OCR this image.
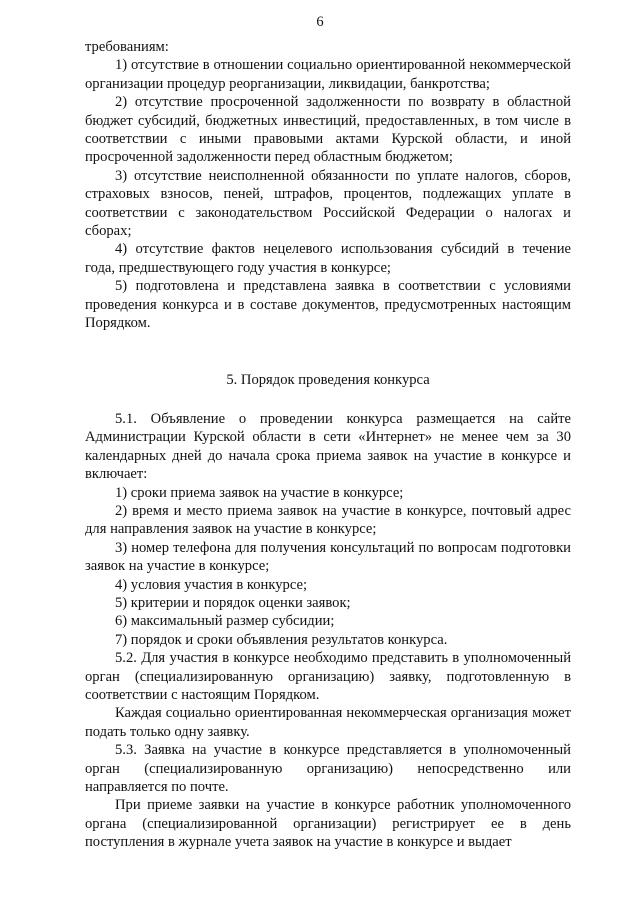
6

требованиям:

1) отсутствие в отношении социально ориентированной некоммерческой организации процедур реорганизации, ликвидации, банкротства;

2) отсутствие просроченной задолженности по возврату в областной бюджет субсидий, бюджетных инвестиций, предоставленных, в том числе в соответствии с иными правовыми актами Курской области, и иной просроченной задолженности перед областным бюджетом;

3) отсутствие неисполненной обязанности по уплате налогов, сборов, страховых взносов, пеней, штрафов, процентов, подлежащих уплате в соответствии с законодательством Российской Федерации о налогах и сборах;

4) отсутствие фактов нецелевого использования субсидий в течение года, предшествующего году участия в конкурсе;

5) подготовлена и представлена заявка в соответствии с условиями проведения конкурса и в составе документов, предусмотренных настоящим Порядком.

5. Порядок проведения конкурса

5.1. Объявление о проведении конкурса размещается на сайте Администрации Курской области в сети «Интернет» не менее чем за 30 календарных дней до начала срока приема заявок на участие в конкурсе и включает:

1) сроки приема заявок на участие в конкурсе;

2) время и место приема заявок на участие в конкурсе, почтовый адрес для направления заявок на участие в конкурсе;

3) номер телефона для получения консультаций по вопросам подготовки заявок на участие в конкурсе;

4) условия участия в конкурсе;

5) критерии и порядок оценки заявок;

6) максимальный размер субсидии;

7) порядок и сроки объявления результатов конкурса.

5.2. Для участия в конкурсе необходимо представить в уполномоченный орган (специализированную организацию) заявку, подготовленную в соответствии с настоящим Порядком.

Каждая социально ориентированная некоммерческая организация может подать только одну заявку.

5.3. Заявка на участие в конкурсе представляется в уполномоченный орган (специализированную организацию) непосредственно или направляется по почте.

При приеме заявки на участие в конкурсе работник уполномоченного органа (специализированной организации) регистрирует ее в день поступления в журнале учета заявок на участие в конкурсе и выдает
